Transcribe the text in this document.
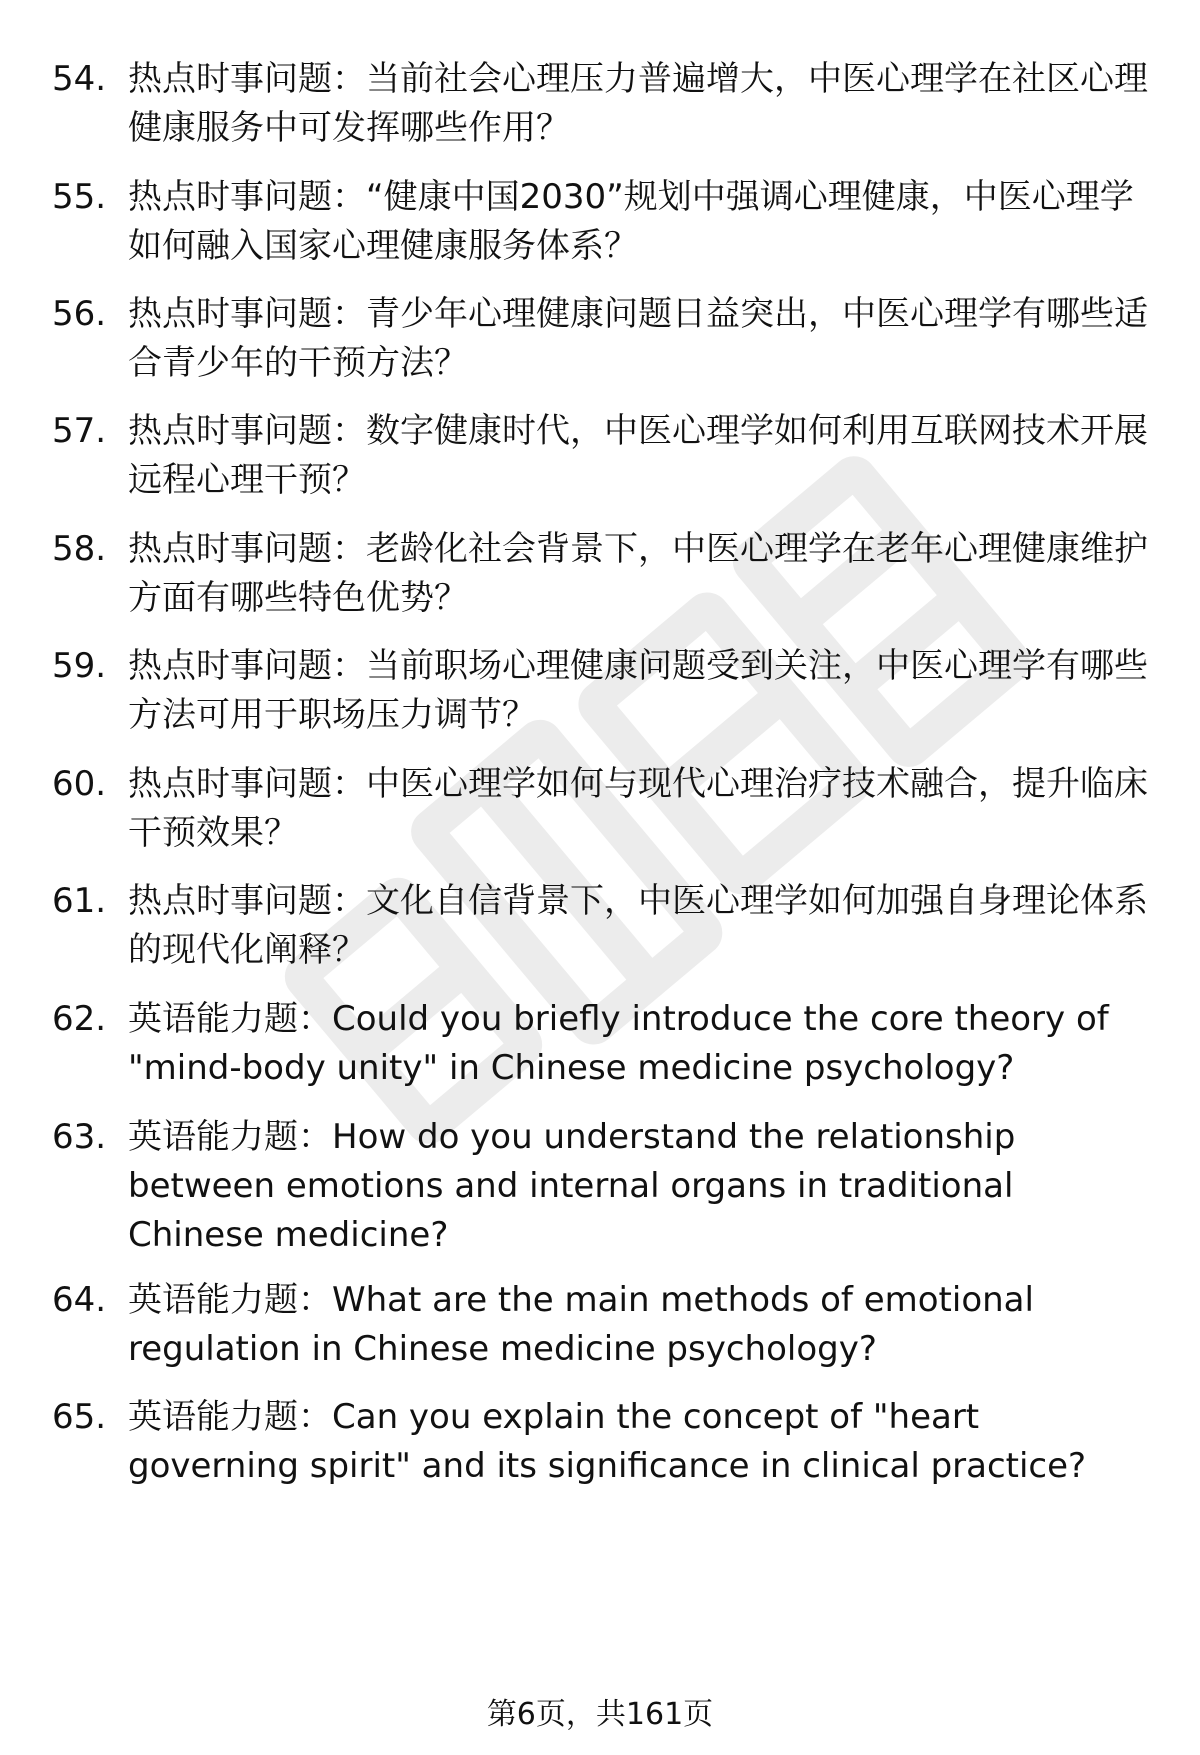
54. 热点时事问题：当前社会心理压力普遍增大，中医心理学在社区心理健康服务中可发挥哪些作用？
55. 热点时事问题：“健康中国2030”规划中强调心理健康，中医心理学如何融入国家心理健康服务体系？
56. 热点时事问题：青少年心理健康问题日益突出，中医心理学有哪些适合青少年的干预方法？
57. 热点时事问题：数字健康时代，中医心理学如何利用互联网技术开展远程心理干预？
58. 热点时事问题：老龄化社会背景下，中医心理学在老年心理健康维护方面有哪些特色优势？
59. 热点时事问题：当前职场心理健康问题受到关注，中医心理学有哪些方法可用于职场压力调节？
60. 热点时事问题：中医心理学如何与现代心理治疗技术融合，提升临床干预效果？
61. 热点时事问题：文化自信背景下，中医心理学如何加强自身理论体系的现代化阐释？
62. 英语能力题：Could you briefly introduce the core theory of "mind-body unity" in Chinese medicine psychology?
63. 英语能力题：How do you understand the relationship between emotions and internal organs in traditional Chinese medicine?
64. 英语能力题：What are the main methods of emotional regulation in Chinese medicine psychology?
65. 英语能力题：Can you explain the concept of "heart governing spirit" and its significance in clinical practice?
第6页，共161页
